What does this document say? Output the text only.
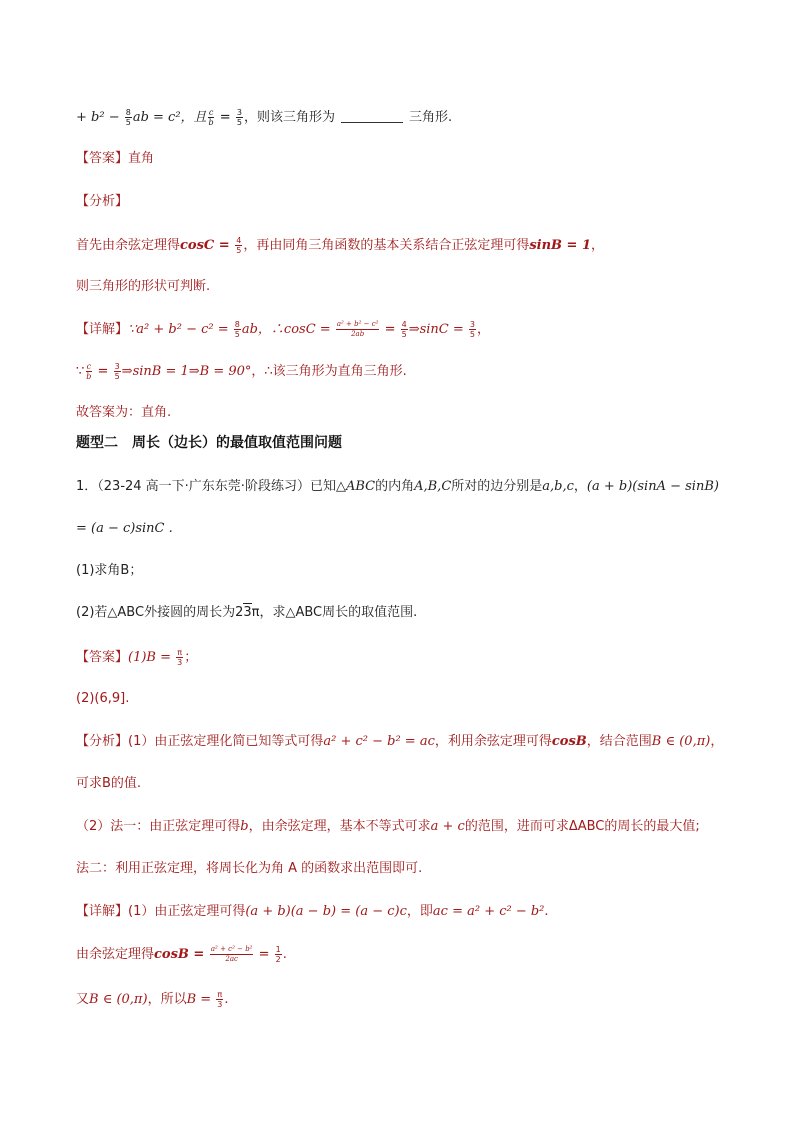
+ $b^2 - \frac{8}{5}$ ab = c²，且 $\frac{c}{b} = \frac{3}{5}$ ，则该三角形为	三角形.
【答案】直角
【分析】
首先由余弦定理得$\cos C = \frac{4}{5}$ ，再由同角三角函数的基本关系结合正弦定理可得sinB = 1，
则三角形的形状可判断.
【详解】∵a² + $b^2 - c^2 = \frac{8}{5}$ ab，∴cosC = $\frac{\text{a² + b² − c²}}{2ab} = \frac{4}{5}$ ⇒sinC = $\frac{3}{5}$ ，
∵ $\frac{c}{b} = \frac{3}{5}$ ⇒sinB = 1⇒B = 90°，∴该三角形为直角三角形.
故答案为：直角.
题型二　周长（边长）的最值取值范围问题
1．（23-24 高一下·广东东莞·阶段练习）已知△ABC的内角A,B,C所对的边分别是a,b,c，(a + b)(sinA − sinB)
= (a − c)sinC .
(1)求角B；
(2)若△ABC外接圆的周长为23π，求△ABC周长的取值范围.
【答案】$(1)B = \frac{\pi}{3}$ ；
(2)(6,9].
【分析】(1）由正弦定理化简已知等式可得a² + c² − b² = ac，利用余弦定理可得cosB，结合范围B ∈ (0,π)，
可求B的值.
（2）法一：由正弦定理可得b，由余弦定理，基本不等式可求a + c的范围，进而可求ΔABC的周长的最大值;
法二：利用正弦定理，将周长化为角 A 的函数求出范围即可.
【详解】(1）由正弦定理可得(a + b)(a − b) = (a − c)c，即ac = a² + c² − b².
由余弦定理得$\cos B = \frac{\text{a² + c² − b²}}{2ac} = \frac{1}{2}$ .
又B ∈ (0,π)，所以$B = \frac{\pi}{3}$ .
